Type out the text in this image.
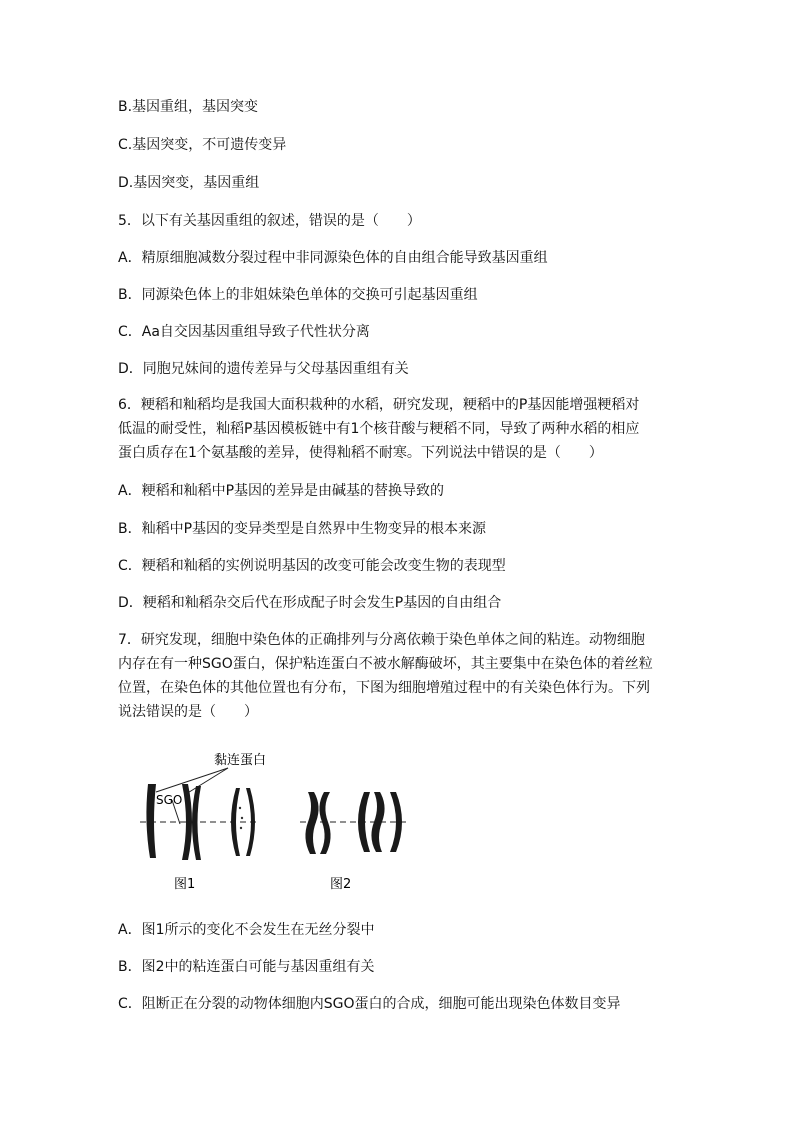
B.基因重组，基因突变
C.基因突变，不可遗传变异
D.基因突变，基因重组
5．以下有关基因重组的叙述，错误的是（　　）
A．精原细胞减数分裂过程中非同源染色体的自由组合能导致基因重组
B．同源染色体上的非姐妹染色单体的交换可引起基因重组
C．Aa自交因基因重组导致子代性状分离
D．同胞兄妹间的遗传差异与父母基因重组有关
6．粳稻和籼稻均是我国大面积栽种的水稻，研究发现，粳稻中的P基因能增强粳稻对
低温的耐受性，籼稻P基因模板链中有1个核苷酸与粳稻不同，导致了两种水稻的相应
蛋白质存在1个氨基酸的差异，使得籼稻不耐寒。下列说法中错误的是（　　）
A．粳稻和籼稻中P基因的差异是由碱基的替换导致的
B．籼稻中P基因的变异类型是自然界中生物变异的根本来源
C．粳稻和籼稻的实例说明基因的改变可能会改变生物的表现型
D．粳稻和籼稻杂交后代在形成配子时会发生P基因的自由组合
7．研究发现，细胞中染色体的正确排列与分离依赖于染色单体之间的粘连。动物细胞
内存在有一种SGO蛋白，保护粘连蛋白不被水解酶破坏，其主要集中在染色体的着丝粒
位置，在染色体的其他位置也有分布，下图为细胞增殖过程中的有关染色体行为。下列
说法错误的是（　　）
A．图1所示的变化不会发生在无丝分裂中
B．图2中的粘连蛋白可能与基因重组有关
C．阻断正在分裂的动物体细胞内SGO蛋白的合成，细胞可能出现染色体数目变异
黏连蛋白
SGO
图1	图2
